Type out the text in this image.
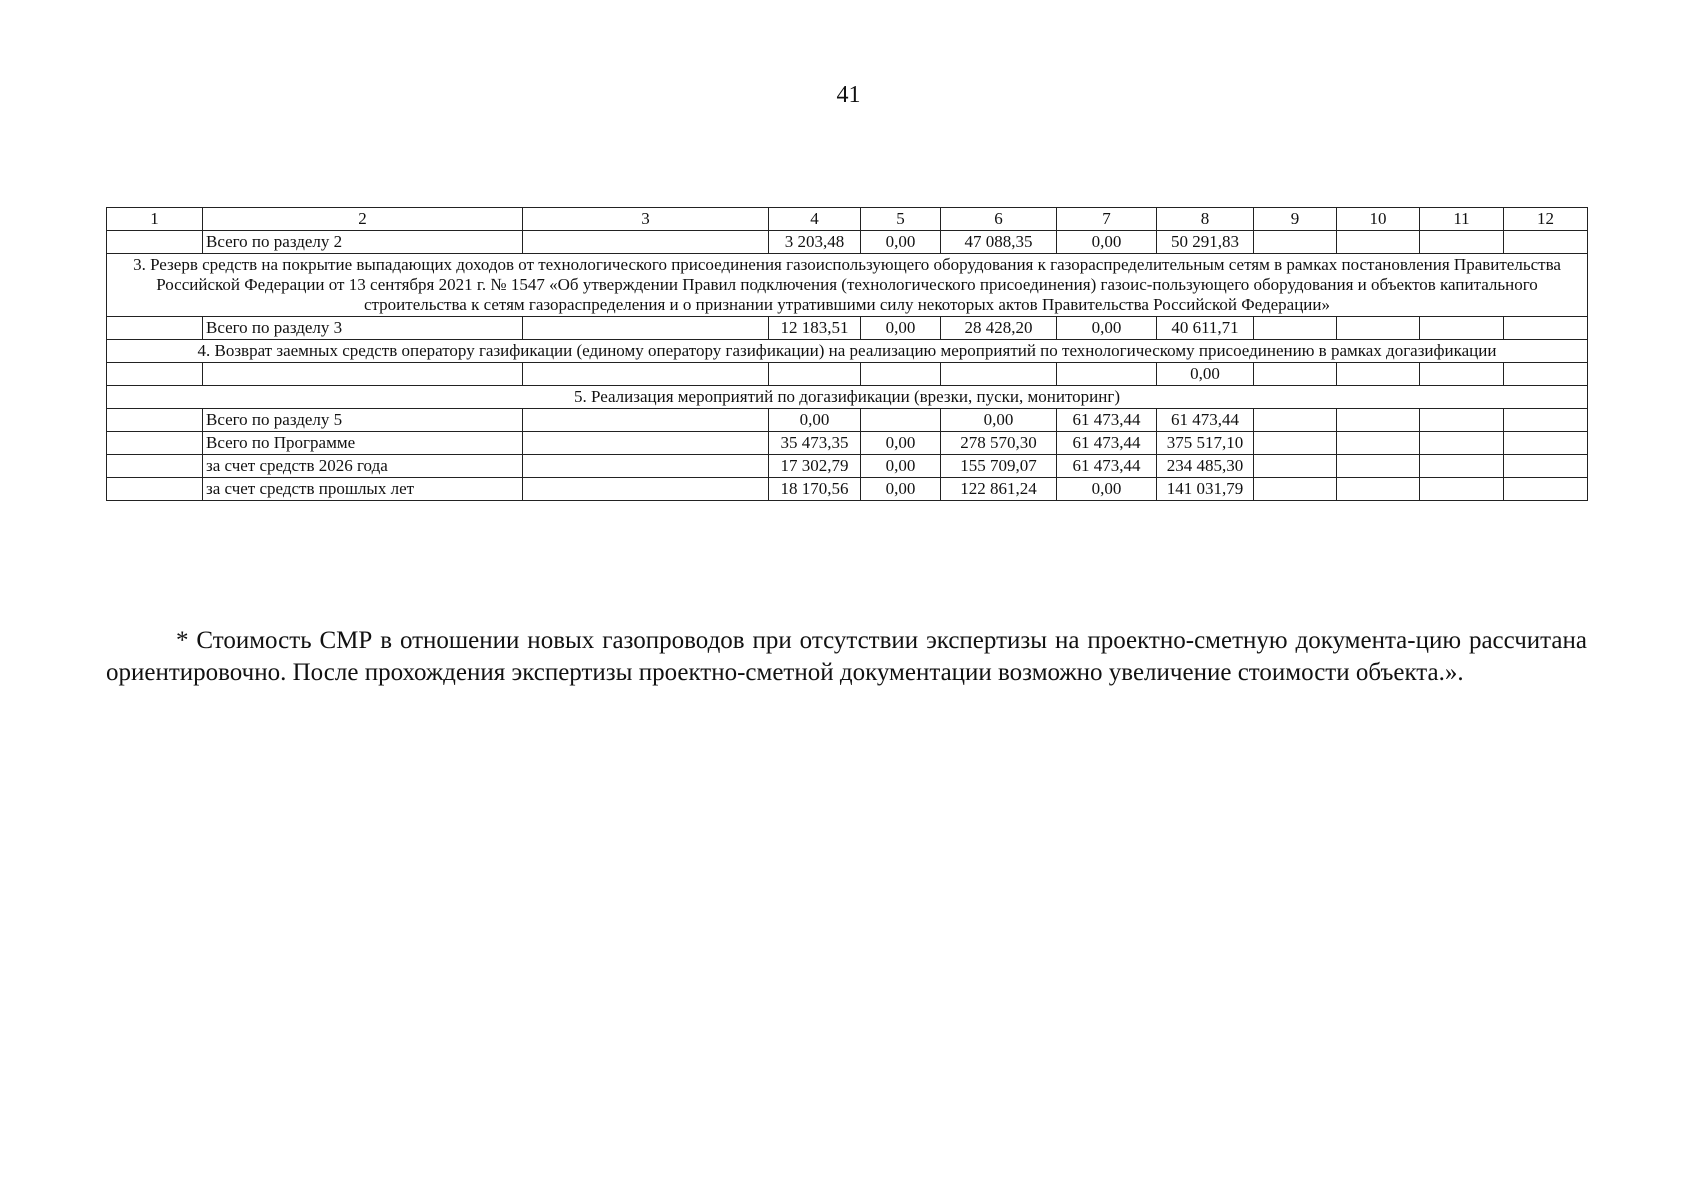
41
1	2	3	4	5	6	7	8	9	10	11	12
	Всего по разделу 2		3 203,48	0,00	47 088,35	0,00	50 291,83				
3. Резерв средств на покрытие выпадающих доходов от технологического присоединения газоиспользующего оборудования к газораспределительным сетям в рамках постановления Правительства Российской Федерации от 13 сентября 2021 г. № 1547 «Об утверждении Правил подключения (технологического присоединения) газоис-пользующего оборудования и объектов капитального строительства к сетям газораспределения и о признании утратившими силу некоторых актов Правительства Российской Федерации»											
	Всего по разделу 3		12 183,51	0,00	28 428,20	0,00	40 611,71				
4. Возврат заемных средств оператору газификации (единому оператору газификации) на реализацию мероприятий по технологическому присоединению в рамках догазификации											
							0,00				
5. Реализация мероприятий по догазификации (врезки, пуски, мониторинг)											
	Всего по разделу 5		0,00		0,00	61 473,44	61 473,44				
	Всего по Программе		35 473,35	0,00	278 570,30	61 473,44	375 517,10				
	за счет средств 2026 года		17 302,79	0,00	155 709,07	61 473,44	234 485,30				
	за счет средств прошлых лет		18 170,56	0,00	122 861,24	0,00	141 031,79				

* Стоимость СМР в отношении новых газопроводов при отсутствии экспертизы на проектно-сметную документа-цию рассчитана ориентировочно. После прохождения экспертизы проектно-сметной документации возможно увеличение стоимости объекта.».
